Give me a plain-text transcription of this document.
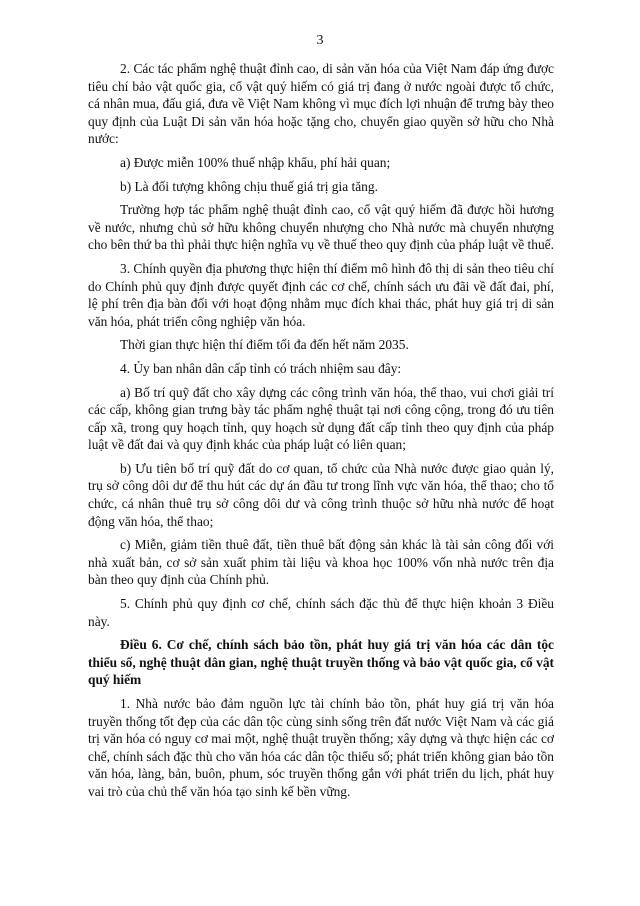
3

2. Các tác phẩm nghệ thuật đỉnh cao, di sản văn hóa của Việt Nam đáp ứng được tiêu chí bảo vật quốc gia, cổ vật quý hiếm có giá trị đang ở nước ngoài được tổ chức, cá nhân mua, đấu giá, đưa về Việt Nam không vì mục đích lợi nhuận để trưng bày theo quy định của Luật Di sản văn hóa hoặc tặng cho, chuyển giao quyền sở hữu cho Nhà nước:

a) Được miễn 100% thuế nhập khẩu, phí hải quan;

b) Là đối tượng không chịu thuế giá trị gia tăng.

Trường hợp tác phẩm nghệ thuật đỉnh cao, cổ vật quý hiếm đã được hồi hương về nước, nhưng chủ sở hữu không chuyển nhượng cho Nhà nước mà chuyển nhượng cho bên thứ ba thì phải thực hiện nghĩa vụ về thuế theo quy định của pháp luật về thuế.

3. Chính quyền địa phương thực hiện thí điểm mô hình đô thị di sản theo tiêu chí do Chính phủ quy định được quyết định các cơ chế, chính sách ưu đãi về đất đai, phí, lệ phí trên địa bàn đối với hoạt động nhằm mục đích khai thác, phát huy giá trị di sản văn hóa, phát triển công nghiệp văn hóa.

Thời gian thực hiện thí điểm tối đa đến hết năm 2035.

4. Ủy ban nhân dân cấp tỉnh có trách nhiệm sau đây:

a) Bố trí quỹ đất cho xây dựng các công trình văn hóa, thể thao, vui chơi giải trí các cấp, không gian trưng bày tác phẩm nghệ thuật tại nơi công cộng, trong đó ưu tiên cấp xã, trong quy hoạch tỉnh, quy hoạch sử dụng đất cấp tỉnh theo quy định của pháp luật về đất đai và quy định khác của pháp luật có liên quan;

b) Ưu tiên bố trí quỹ đất do cơ quan, tổ chức của Nhà nước được giao quản lý, trụ sở công dôi dư để thu hút các dự án đầu tư trong lĩnh vực văn hóa, thể thao; cho tổ chức, cá nhân thuê trụ sở công dôi dư và công trình thuộc sở hữu nhà nước để hoạt động văn hóa, thể thao;

c) Miễn, giảm tiền thuê đất, tiền thuê bất động sản khác là tài sản công đối với nhà xuất bản, cơ sở sản xuất phim tài liệu và khoa học 100% vốn nhà nước trên địa bàn theo quy định của Chính phủ.

5. Chính phủ quy định cơ chế, chính sách đặc thù để thực hiện khoản 3 Điều này.

Điều 6. Cơ chế, chính sách bảo tồn, phát huy giá trị văn hóa các dân tộc thiểu số, nghệ thuật dân gian, nghệ thuật truyền thống và bảo vật quốc gia, cổ vật quý hiếm

1. Nhà nước bảo đảm nguồn lực tài chính bảo tồn, phát huy giá trị văn hóa truyền thống tốt đẹp của các dân tộc cùng sinh sống trên đất nước Việt Nam và các giá trị văn hóa có nguy cơ mai một, nghệ thuật truyền thống; xây dựng và thực hiện các cơ chế, chính sách đặc thù cho văn hóa các dân tộc thiểu số; phát triển không gian bảo tồn văn hóa, làng, bản, buôn, phum, sóc truyền thống gắn với phát triển du lịch, phát huy vai trò của chủ thể văn hóa tạo sinh kế bền vững.
